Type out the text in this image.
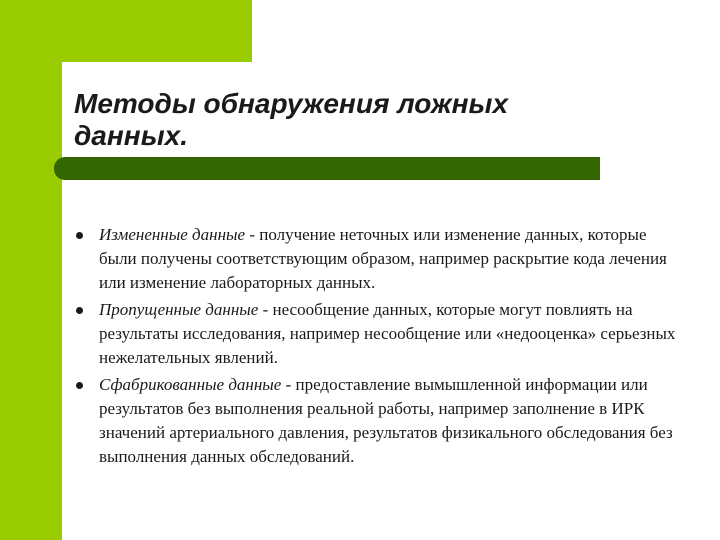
Методы обнаружения ложных данных.
Измененные данные - получение неточных или изменение данных, которые были получены соответствующим образом, например раскрытие кода лечения или изменение лабораторных данных.
Пропущенные данные - несообщение данных, которые могут повлиять на результаты исследования, например несообщение или «недооценка» серьезных нежелательных явлений.
Сфабрикованные данные - предоставление вымышленной информации или результатов без выполнения реальной работы, например заполнение в ИРК значений артериального давления, результатов физикального обследования без выполнения данных обследований.
